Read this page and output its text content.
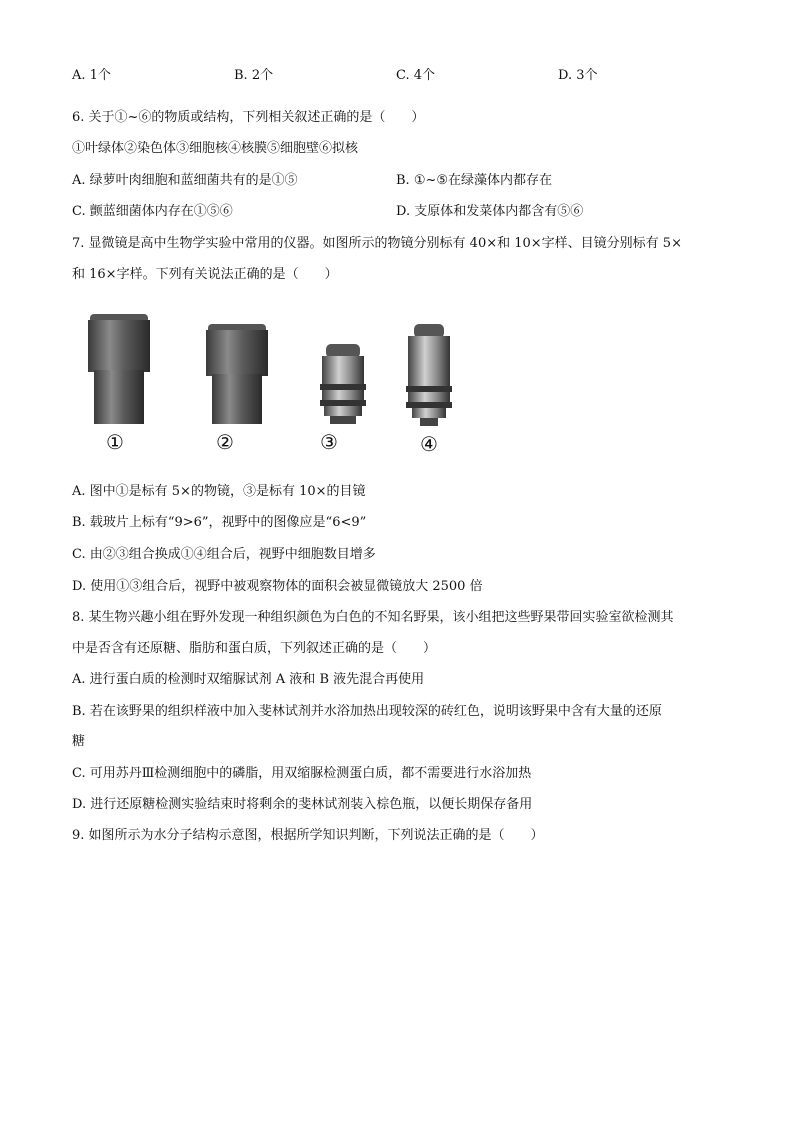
A. 1个	B. 2个	C. 4个	D. 3个
6. 关于①~⑥的物质或结构，下列相关叙述正确的是（　　）
①叶绿体②染色体③细胞核④核膜⑤细胞壁⑥拟核
A. 绿萝叶肉细胞和蓝细菌共有的是①⑤	B. ①~⑤在绿藻体内都存在
C. 颤蓝细菌体内存在①⑤⑥	D. 支原体和发菜体内都含有⑤⑥
7. 显微镜是高中生物学实验中常用的仪器。如图所示的物镜分别标有 40×和 10×字样、目镜分别标有 5×
和 16×字样。下列有关说法正确的是（　　）
①	②	③	④
A. 图中①是标有 5×的物镜，③是标有 10×的目镜
B. 载玻片上标有“9>6”，视野中的图像应是“6<9”
C. 由②③组合换成①④组合后，视野中细胞数目增多
D. 使用①③组合后，视野中被观察物体的面积会被显微镜放大 2500 倍
8. 某生物兴趣小组在野外发现一种组织颜色为白色的不知名野果，该小组把这些野果带回实验室欲检测其
中是否含有还原糖、脂肪和蛋白质，下列叙述正确的是（　　）
A. 进行蛋白质的检测时双缩脲试剂 A 液和 B 液先混合再使用
B. 若在该野果的组织样液中加入斐林试剂并水浴加热出现较深的砖红色，说明该野果中含有大量的还原
糖
C. 可用苏丹Ⅲ检测细胞中的磷脂，用双缩脲检测蛋白质，都不需要进行水浴加热
D. 进行还原糖检测实验结束时将剩余的斐林试剂装入棕色瓶，以便长期保存备用
9. 如图所示为水分子结构示意图，根据所学知识判断，下列说法正确的是（　　）
